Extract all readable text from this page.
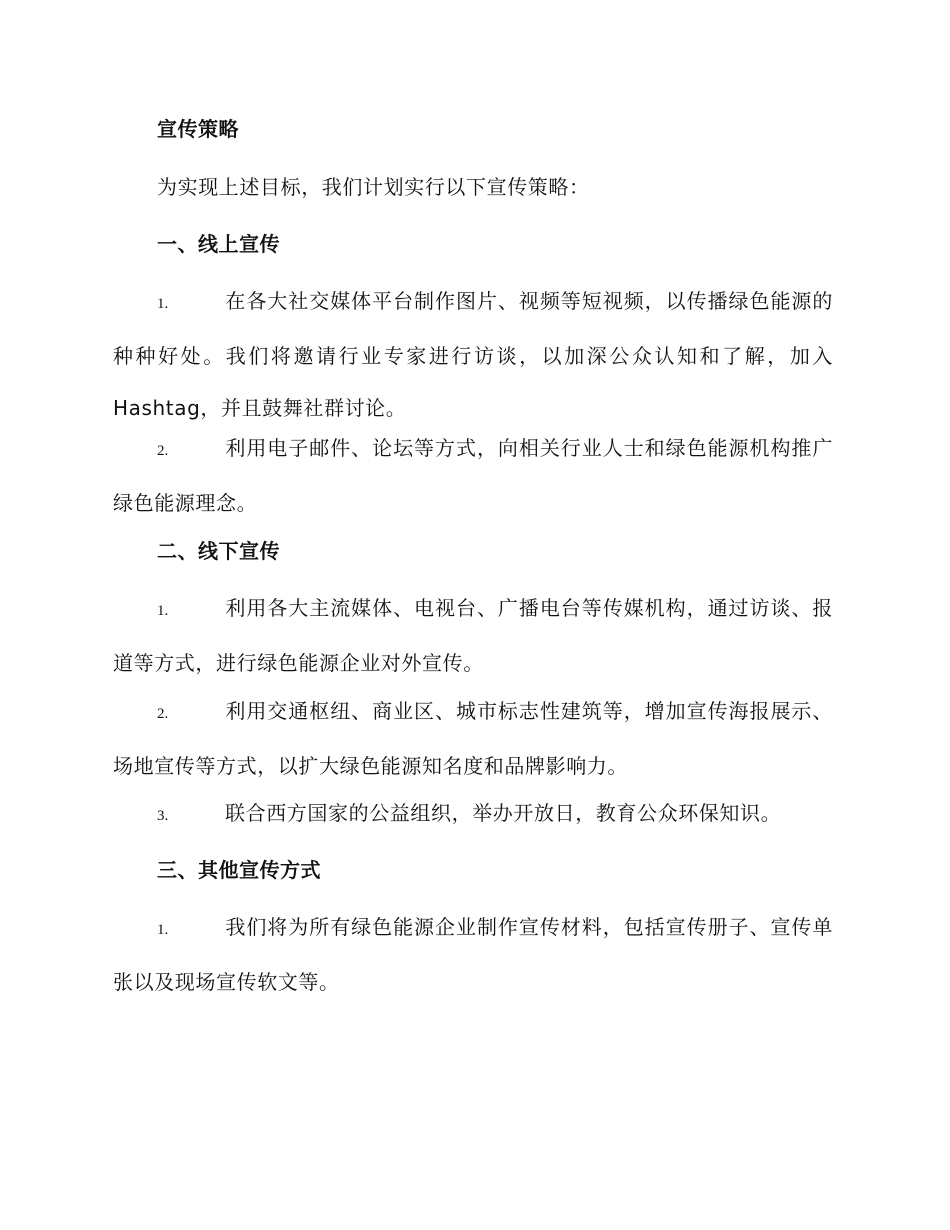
宣传策略
为实现上述目标，我们计划实行以下宣传策略：
一、线上宣传
1.	在各大社交媒体平台制作图片、视频等短视频，以传播绿色能源的种种好处。我们将邀请行业专家进行访谈，以加深公众认知和了解，加入Hashtag，并且鼓舞社群讨论。
2.	利用电子邮件、论坛等方式，向相关行业人士和绿色能源机构推广绿色能源理念。
二、线下宣传
1.	利用各大主流媒体、电视台、广播电台等传媒机构，通过访谈、报道等方式，进行绿色能源企业对外宣传。
2.	利用交通枢纽、商业区、城市标志性建筑等，增加宣传海报展示、场地宣传等方式，以扩大绿色能源知名度和品牌影响力。
3.	联合西方国家的公益组织，举办开放日，教育公众环保知识。
三、其他宣传方式
1.	我们将为所有绿色能源企业制作宣传材料，包括宣传册子、宣传单张以及现场宣传软文等。
